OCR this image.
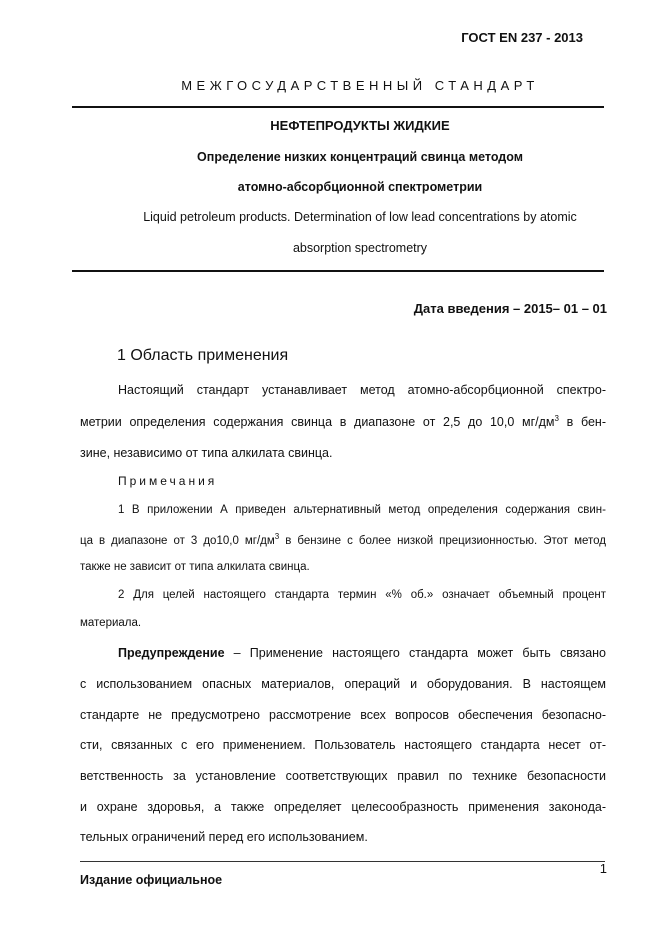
ГОСТ EN 237 - 2013
МЕЖГОСУДАРСТВЕННЫЙ СТАНДАРТ
НЕФТЕПРОДУКТЫ ЖИДКИЕ
Определение низких концентраций свинца методом
атомно-абсорбционной спектрометрии
Liquid petroleum products. Determination of low lead concentrations by atomic
absorption spectrometry
Дата введения – 2015– 01 – 01
1 Область применения
Настоящий стандарт устанавливает метод атомно-абсорбционной спектро-
метрии определения содержания свинца в диапазоне от 2,5 до 10,0 $мг/дм^3$ в бен-
зине, независимо от типа алкилата свинца.
Примечания
1 В приложении А приведен альтернативный метод определения содержания свин-
ца в диапазоне от 3 до10,0 $мг/дм^3$ в бензине с более низкой прецизионностью. Этот метод
также не зависит от типа алкилата свинца.
2 Для целей настоящего стандарта термин «% об.» означает объемный процент
материала.
Предупреждение – Применение настоящего стандарта может быть связано
с использованием опасных материалов, операций и оборудования. В настоящем
стандарте не предусмотрено рассмотрение всех вопросов обеспечения безопасно-
сти, связанных с его применением. Пользователь настоящего стандарта несет от-
ветственность за установление соответствующих правил по технике безопасности
и охране здоровья, а также определяет целесообразность применения законода-
тельных ограничений перед его использованием.
Издание официальное
1
